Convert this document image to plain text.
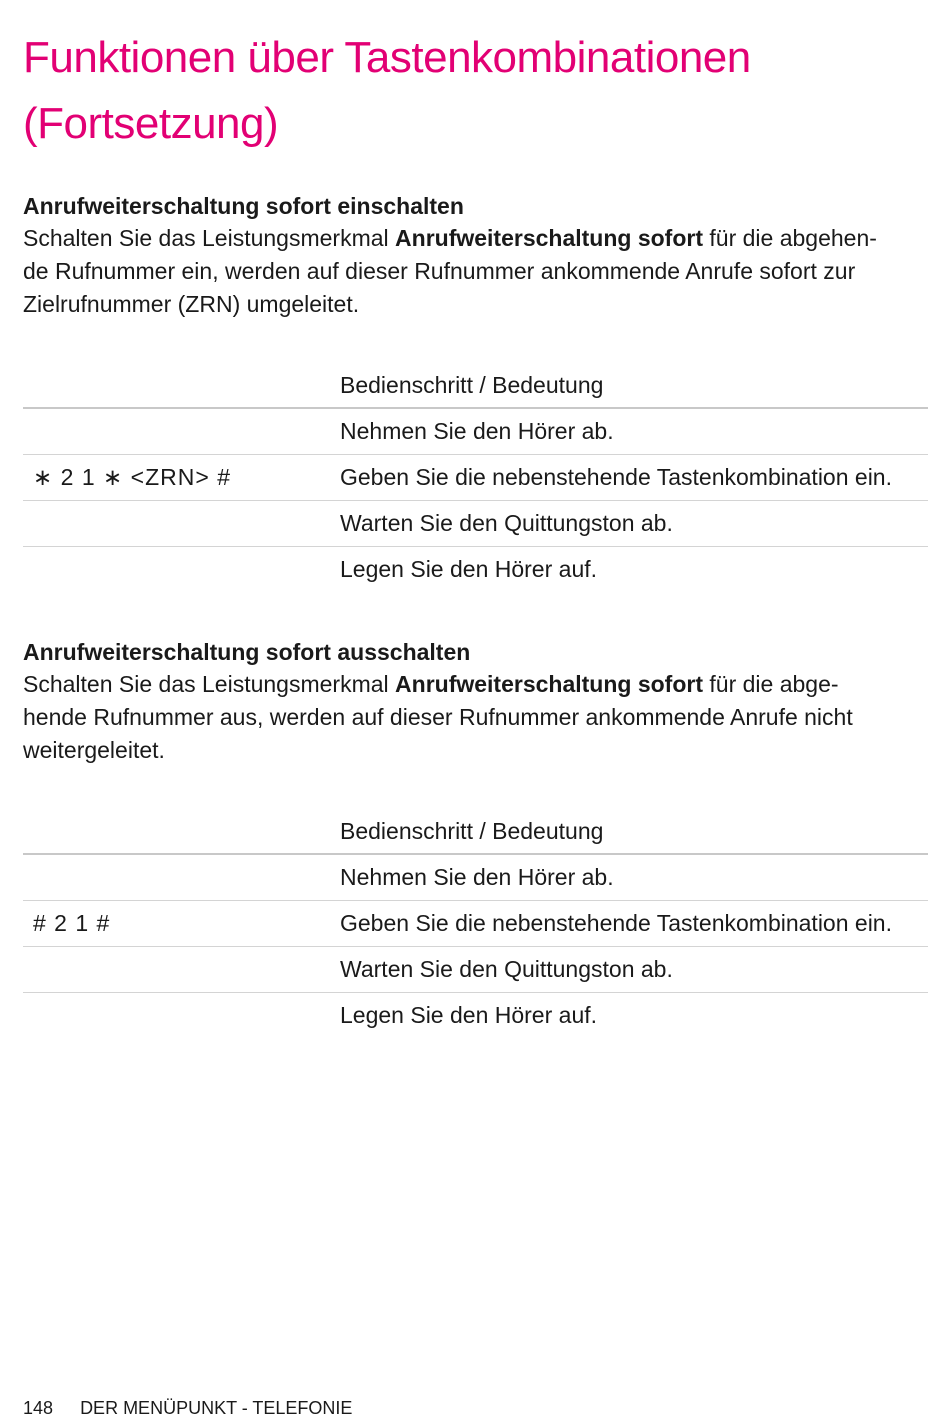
Funktionen über Tastenkombinationen
(Fortsetzung)
Anrufweiterschaltung sofort einschalten

Schalten Sie das Leistungsmerkmal Anrufweiterschaltung sofort für die abgehen-
de Rufnummer ein, werden auf dieser Rufnummer ankommende Anrufe sofort zur
Zielrufnummer (ZRN) umgeleitet.

	Bedienschritt / Bedeutung
	Nehmen Sie den Hörer ab.
∗ 2 1 ∗ <ZRN> #	Geben Sie die nebenstehende Tastenkombination ein.
	Warten Sie den Quittungston ab.
	Legen Sie den Hörer auf.
Anrufweiterschaltung sofort ausschalten

Schalten Sie das Leistungsmerkmal Anrufweiterschaltung sofort für die abge-
hende Rufnummer aus, werden auf dieser Rufnummer ankommende Anrufe nicht
weitergeleitet.

	Bedienschritt / Bedeutung
	Nehmen Sie den Hörer ab.
# 2 1 #	Geben Sie die nebenstehende Tastenkombination ein.
	Warten Sie den Quittungston ab.
	Legen Sie den Hörer auf.
148 DER MENÜPUNKT - TELEFONIE
